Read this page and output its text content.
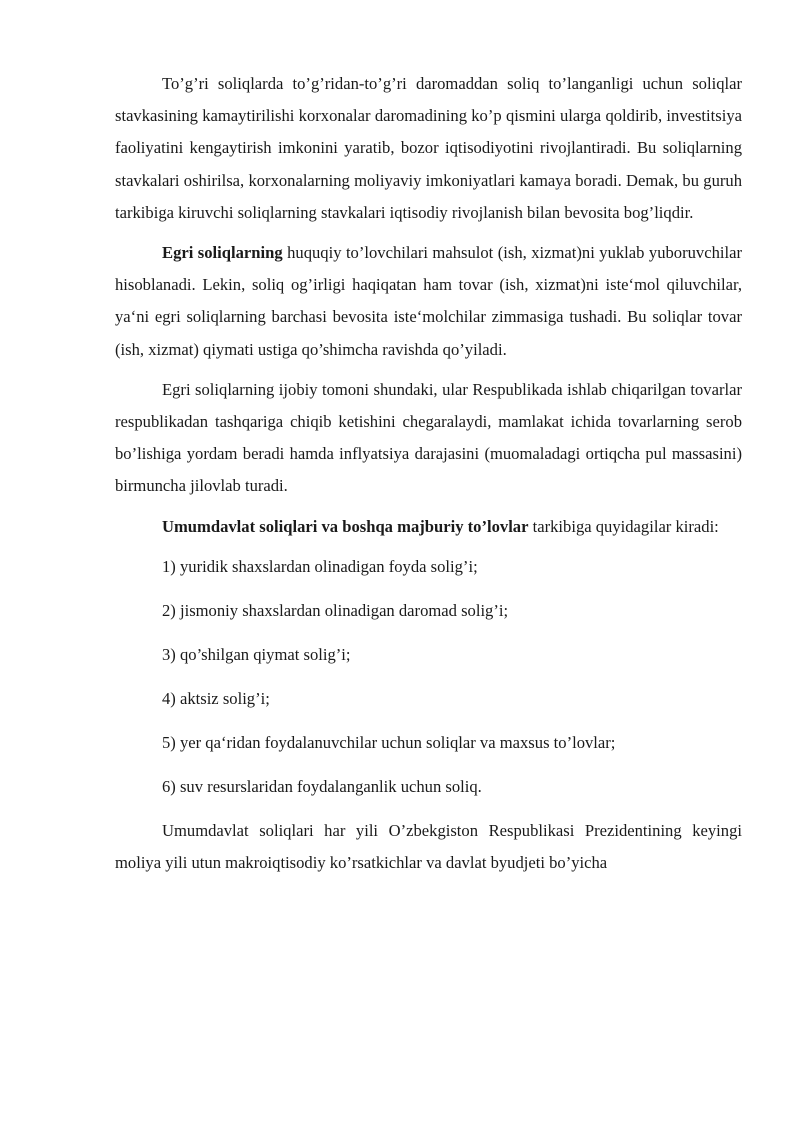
To’g’ri soliqlarda to’g’ridan-to’g’ri daromaddan soliq to’langanligi uchun soliqlar stavkasining kamaytirilishi korxonalar daromadining ko’p qismini ularga qoldirib, investitsiya faoliyatini kengaytirish imkonini yaratib, bozor iqtisodiyotini rivojlantiradi. Bu soliqlarning stavkalari oshirilsa, korxonalarning moliyaviy imkoniyatlari kamaya boradi. Demak, bu guruh tarkibiga kiruvchi soliqlarning stavkalari iqtisodiy rivojlanish bilan bevosita bog’liqdir.

Egri soliqlarning huquqiy to’lovchilari mahsulot (ish, xizmat)ni yuklab yuboruvchilar hisoblanadi. Lekin, soliq og’irligi haqiqatan ham tovar (ish, xizmat)ni iste‘mol qiluvchilar, ya‘ni egri soliqlarning barchasi bevosita iste‘molchilar zimmasiga tushadi. Bu soliqlar tovar (ish, xizmat) qiymati ustiga qo’shimcha ravishda qo’yiladi.

Egri soliqlarning ijobiy tomoni shundaki, ular Respublikada ishlab chiqarilgan tovarlar respublikadan tashqariga chiqib ketishini chegaralaydi, mamlakat ichida tovarlarning serob bo’lishiga yordam beradi hamda inflyatsiya darajasini (muomaladagi ortiqcha pul massasini) birmuncha jilovlab turadi.

Umumdavlat soliqlari va boshqa majburiy to’lovlar tarkibiga quyidagilar kiradi:

1) yuridik shaxslardan olinadigan foyda solig’i;

2) jismoniy shaxslardan olinadigan daromad solig’i;

3) qo’shilgan qiymat solig’i;

4) aktsiz solig’i;

5) yer qa‘ridan foydalanuvchilar uchun soliqlar va maxsus to’lovlar;

6) suv resurslaridan foydalanganlik uchun soliq.

Umumdavlat soliqlari har yili O’zbekgiston Respublikasi Prezidentining keyingi moliya yili utun makroiqtisodiy ko’rsatkichlar va davlat byudjeti bo’yicha
